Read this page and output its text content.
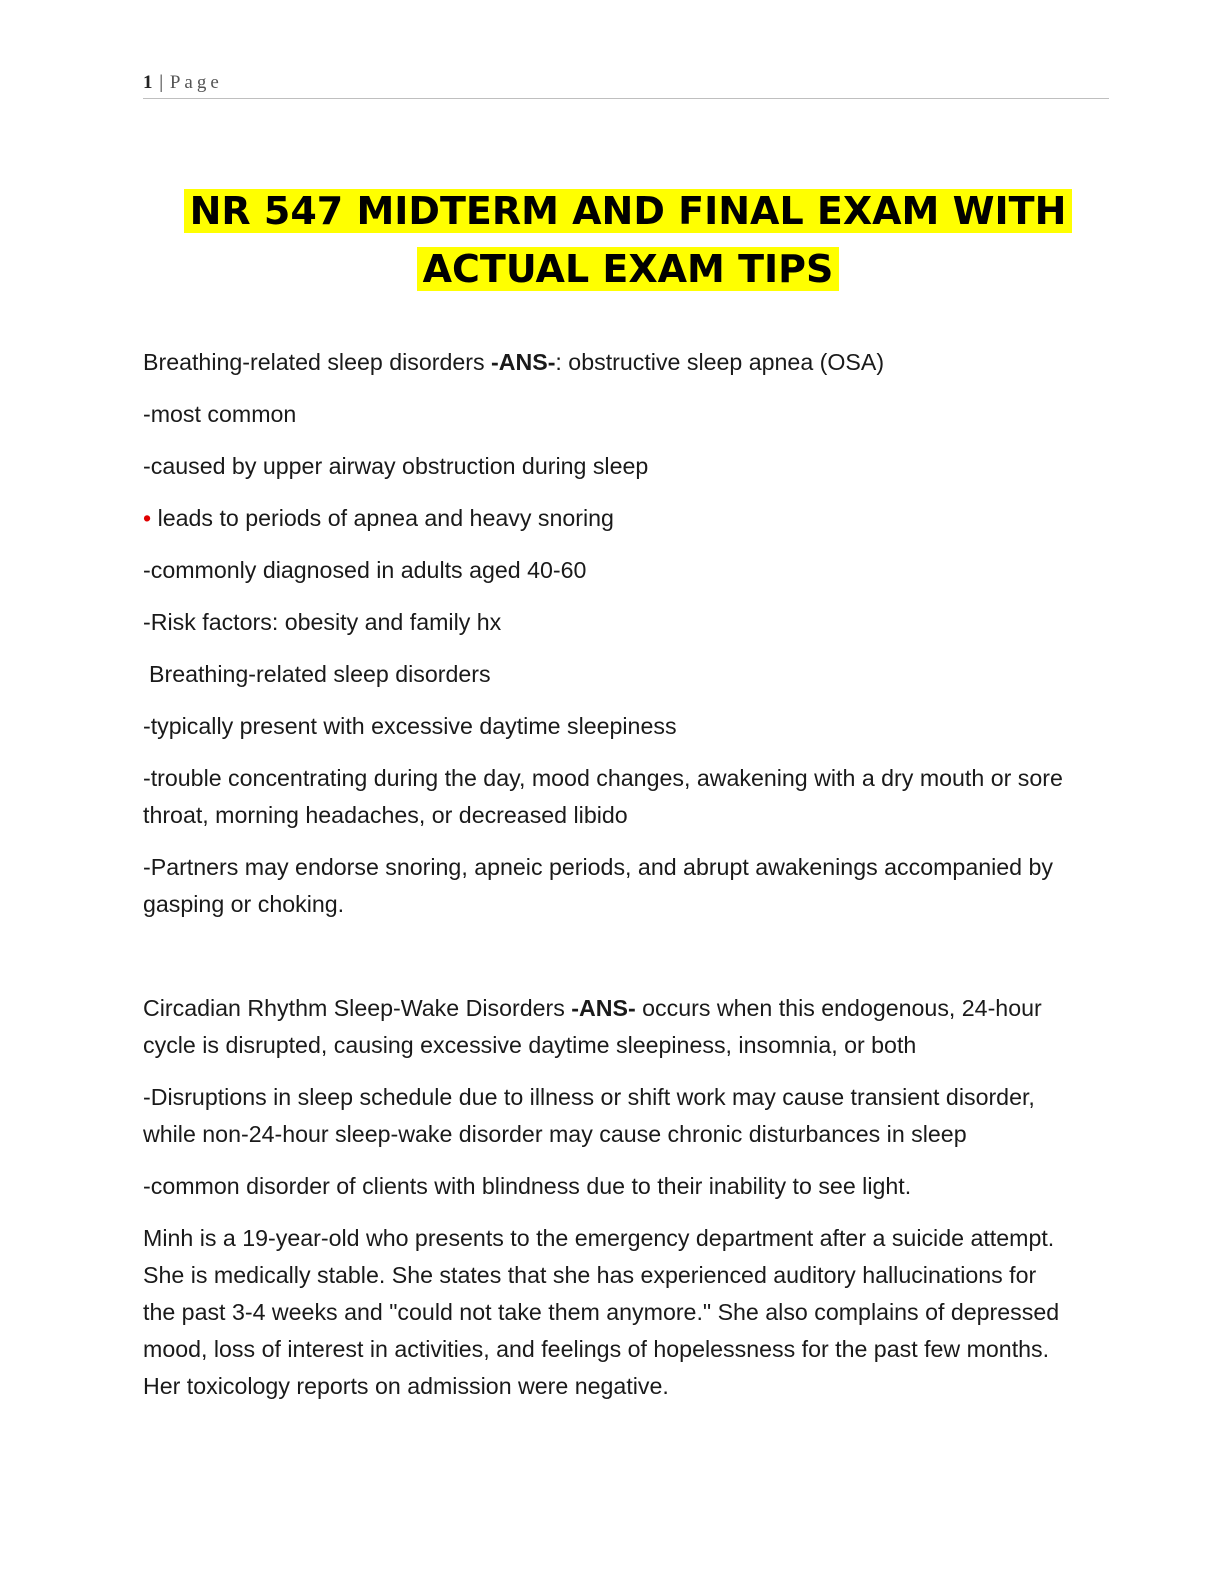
1 | Page
NR 547 MIDTERM AND FINAL EXAM WITH
ACTUAL EXAM TIPS

Breathing-related sleep disorders -ANS-: obstructive sleep apnea (OSA)

-most common

-caused by upper airway obstruction during sleep

• leads to periods of apnea and heavy snoring

-commonly diagnosed in adults aged 40-60

-Risk factors: obesity and family hx

Breathing-related sleep disorders

-typically present with excessive daytime sleepiness

-trouble concentrating during the day, mood changes, awakening with a dry mouth or sore throat, morning headaches, or decreased libido

-Partners may endorse snoring, apneic periods, and abrupt awakenings accompanied by gasping or choking.

Circadian Rhythm Sleep-Wake Disorders -ANS- occurs when this endogenous, 24-hour cycle is disrupted, causing excessive daytime sleepiness, insomnia, or both

-Disruptions in sleep schedule due to illness or shift work may cause transient disorder, while non-24-hour sleep-wake disorder may cause chronic disturbances in sleep

-common disorder of clients with blindness due to their inability to see light.

Minh is a 19-year-old who presents to the emergency department after a suicide attempt. She is medically stable. She states that she has experienced auditory hallucinations for the past 3-4 weeks and "could not take them anymore." She also complains of depressed mood, loss of interest in activities, and feelings of hopelessness for the past few months. Her toxicology reports on admission were negative.
